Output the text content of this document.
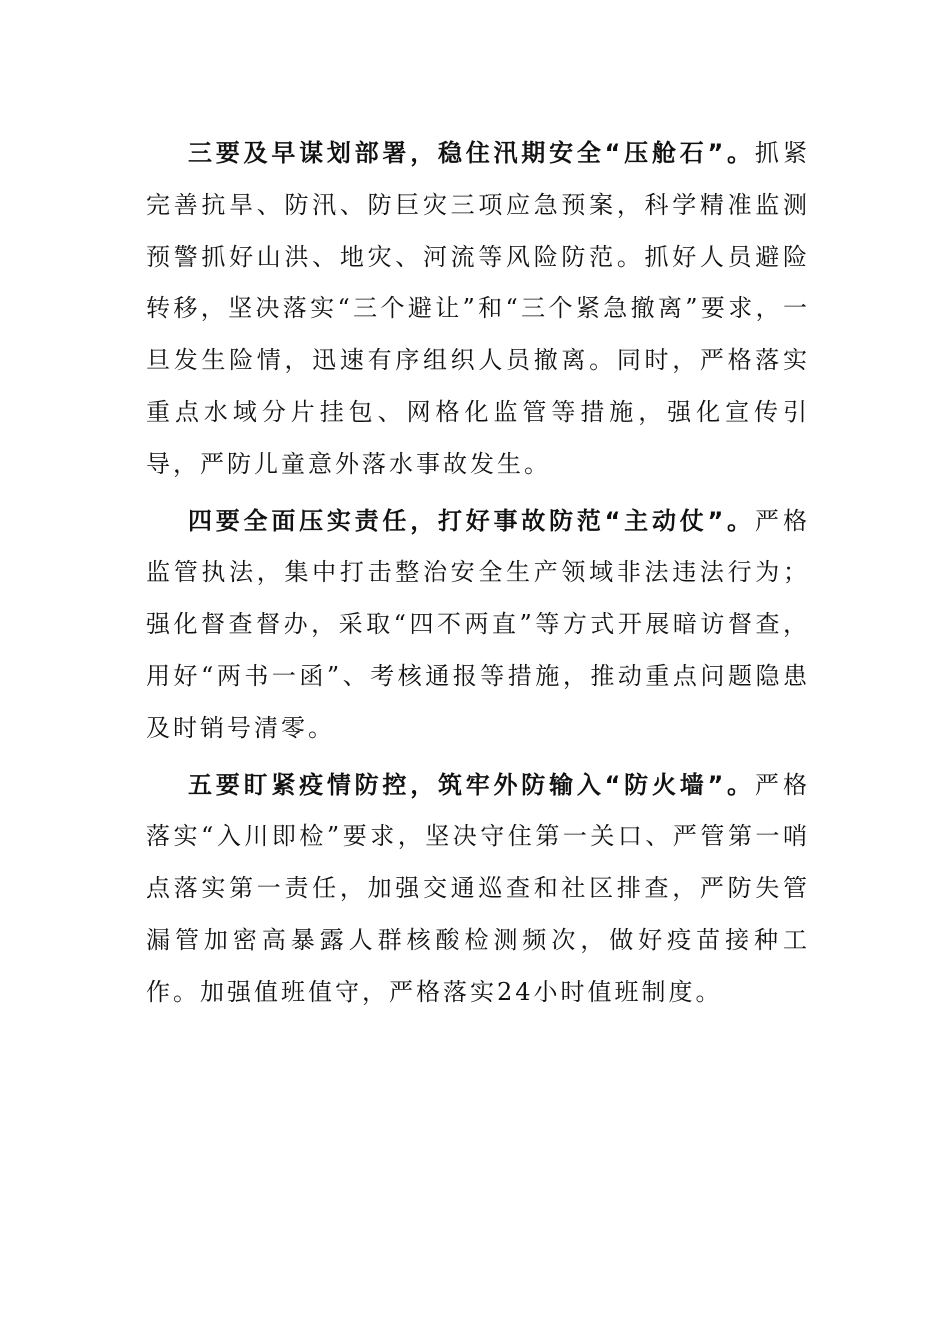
三要及早谋划部署，稳住汛期安全“压舱石”。抓紧完善抗旱、防汛、防巨灾三项应急预案，科学精准监测预警抓好山洪、地灾、河流等风险防范。抓好人员避险转移，坚决落实“三个避让”和“三个紧急撤离”要求，一旦发生险情，迅速有序组织人员撤离。同时，严格落实重点水域分片挂包、网格化监管等措施，强化宣传引导，严防儿童意外落水事故发生。

四要全面压实责任，打好事故防范“主动仗”。严格监管执法，集中打击整治安全生产领域非法违法行为；强化督查督办，采取“四不两直”等方式开展暗访督查，用好“两书一函”、考核通报等措施，推动重点问题隐患及时销号清零。

五要盯紧疫情防控，筑牢外防输入“防火墙”。严格落实“入川即检”要求，坚决守住第一关口、严管第一哨点落实第一责任，加强交通巡查和社区排查，严防失管漏管加密高暴露人群核酸检测频次，做好疫苗接种工作。加强值班值守，严格落实24小时值班制度。
